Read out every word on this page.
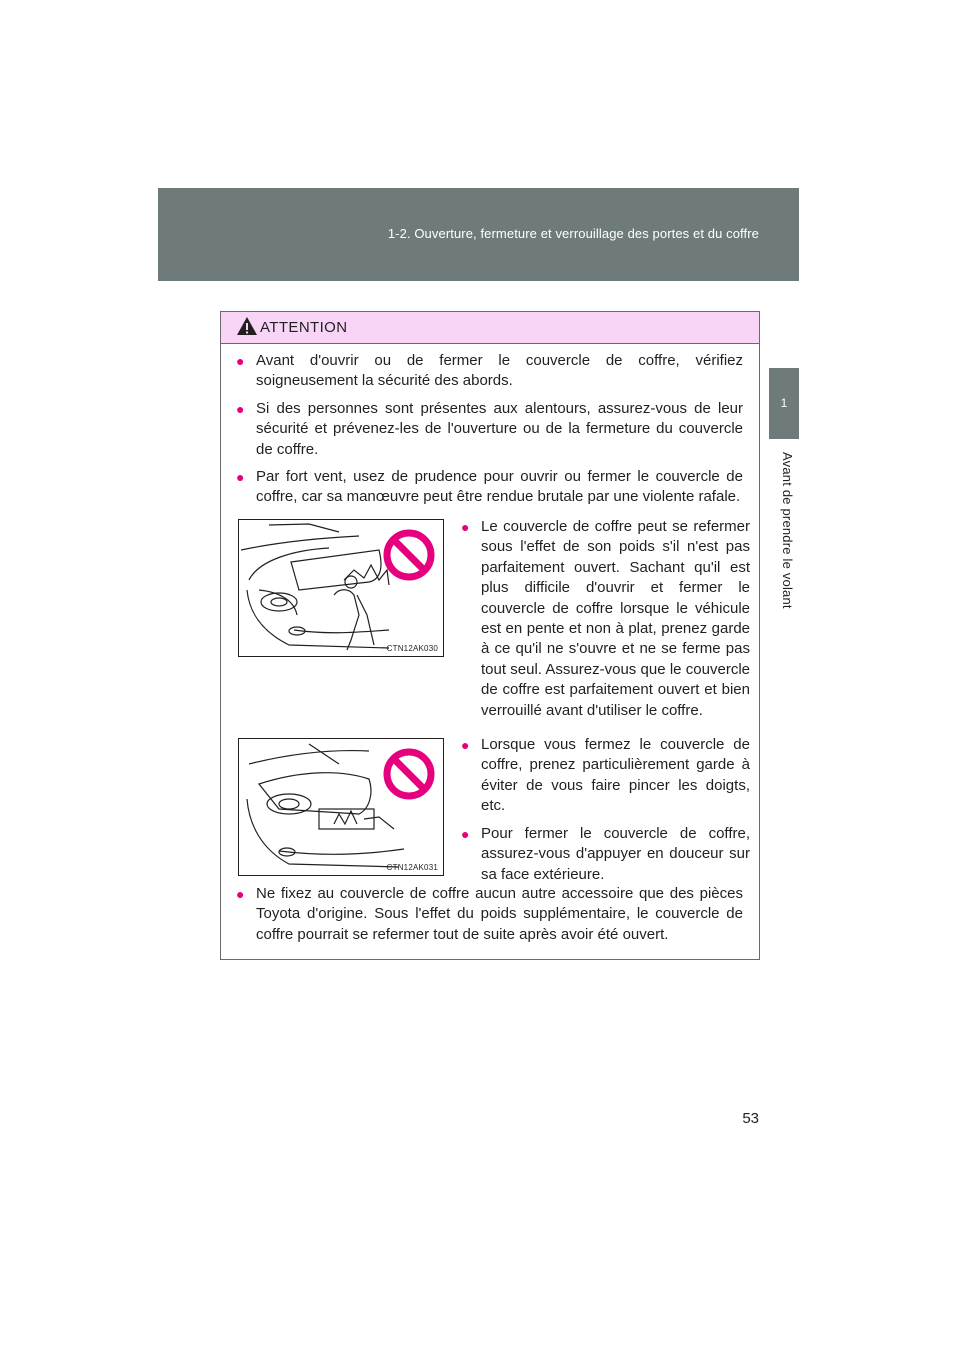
1-2. Ouverture, fermeture et verrouillage des portes et du coffre
1
Avant de prendre le volant
ATTENTION
● Avant d'ouvrir ou de fermer le couvercle de coffre, vérifiez soigneusement la sécurité des abords.
● Si des personnes sont présentes aux alentours, assurez-vous de leur sécurité et prévenez-les de l'ouverture ou de la fermeture du couvercle de coffre.
● Par fort vent, usez de prudence pour ouvrir ou fermer le couvercle de coffre, car sa manœuvre peut être rendue brutale par une violente rafale.
CTN12AK030
● Le couvercle de coffre peut se refermer sous l'effet de son poids s'il n'est pas parfaitement ouvert. Sachant qu'il est plus difficile d'ouvrir et fermer le couvercle de coffre lorsque le véhicule est en pente et non à plat, prenez garde à ce qu'il ne s'ouvre et ne se ferme pas tout seul. Assurez-vous que le couvercle de coffre est parfaitement ouvert et bien verrouillé avant d'utiliser le coffre.
CTN12AK031
● Lorsque vous fermez le couvercle de coffre, prenez particulièrement garde à éviter de vous faire pincer les doigts, etc.
● Pour fermer le couvercle de coffre, assurez-vous d'appuyer en douceur sur sa face extérieure.
● Ne fixez au couvercle de coffre aucun autre accessoire que des pièces Toyota d'origine. Sous l'effet du poids supplémentaire, le couvercle de coffre pourrait se refermer tout de suite après avoir été ouvert.
53
